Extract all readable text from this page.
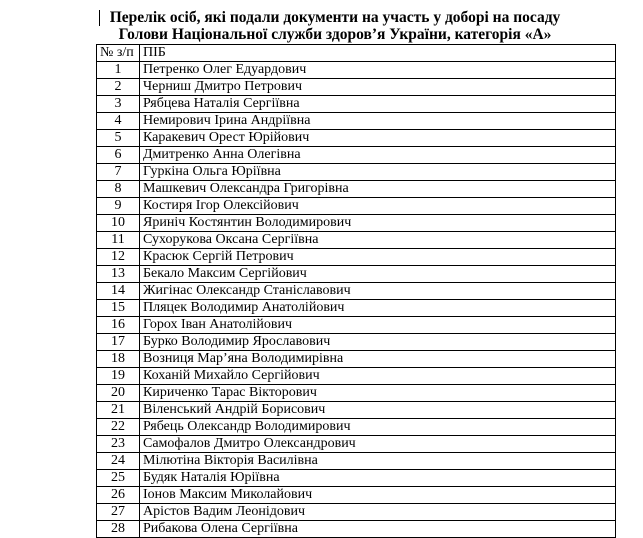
Перелік осіб, які подали документи на участь у доборі на посаду
Голови Національної служби здоров’я України, категорія «А»
№ з/п	ПІБ
1	Петренко Олег Едуардович
2	Черниш Дмитро Петрович
3	Рябцева Наталія Сергіївна
4	Немирович Ірина Андріївна
5	Каракевич Орест Юрійович
6	Дмитренко Анна Олегівна
7	Гуркіна Ольга Юріївна
8	Машкевич Олександра Григорівна
9	Костиря Ігор Олексійович
10	Яриніч Костянтин Володимирович
11	Сухорукова Оксана Сергіївна
12	Красюк Сергій Петрович
13	Бекало Максим Сергійович
14	Жигінас Олександр Станіславович
15	Пляцек Володимир Анатолійович
16	Горох Іван Анатолійович
17	Бурко Володимир Ярославович
18	Возниця Мар’яна Володимирівна
19	Коханій Михайло Сергійович
20	Кириченко Тарас Вікторович
21	Віленський Андрій Борисович
22	Рябець Олександр Володимирович
23	Самофалов Дмитро Олександрович
24	Мілютіна Вікторія Василівна
25	Будяк Наталія Юріївна
26	Іонов Максим Миколайович
27	Арістов Вадим Леонідович
28	Рибакова Олена Сергіївна
